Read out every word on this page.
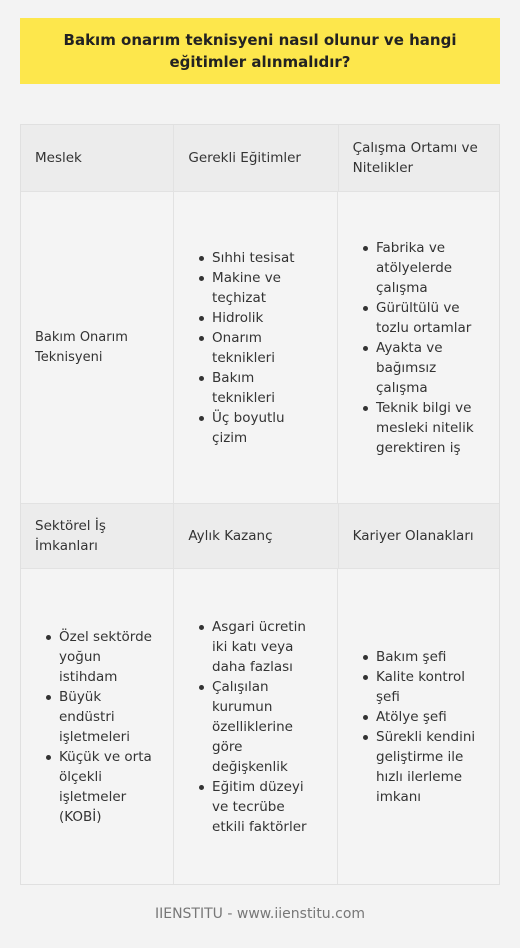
Bakım onarım teknisyeni nasıl olunur ve hangi eğitimler alınmalıdır?
Meslek	Gerekli Eğitimler
Çalışma Ortamı ve Nitelikler
Bakım Onarım Teknisyeni
Sıhhi tesisat
Makine ve teçhizat
Hidrolik
Onarım teknikleri
Bakım teknikleri
Üç boyutlu çizim
Fabrika ve atölyelerde çalışma
Gürültülü ve tozlu ortamlar
Ayakta ve bağımsız çalışma
Teknik bilgi ve mesleki nitelik gerektiren iş
Sektörel İş İmkanları
Aylık Kazanç	Kariyer Olanakları
Özel sektörde yoğun istihdam
Büyük endüstri işletmeleri
Küçük ve orta ölçekli işletmeler (KOBİ)
Asgari ücretin iki katı veya daha fazlası
Çalışılan kurumun özelliklerine göre değişkenlik
Eğitim düzeyi ve tecrübe etkili faktörler
Bakım şefi
Kalite kontrol şefi
Atölye şefi
Sürekli kendini geliştirme ile hızlı ilerleme imkanı
IIENSTITU - www.iienstitu.com
